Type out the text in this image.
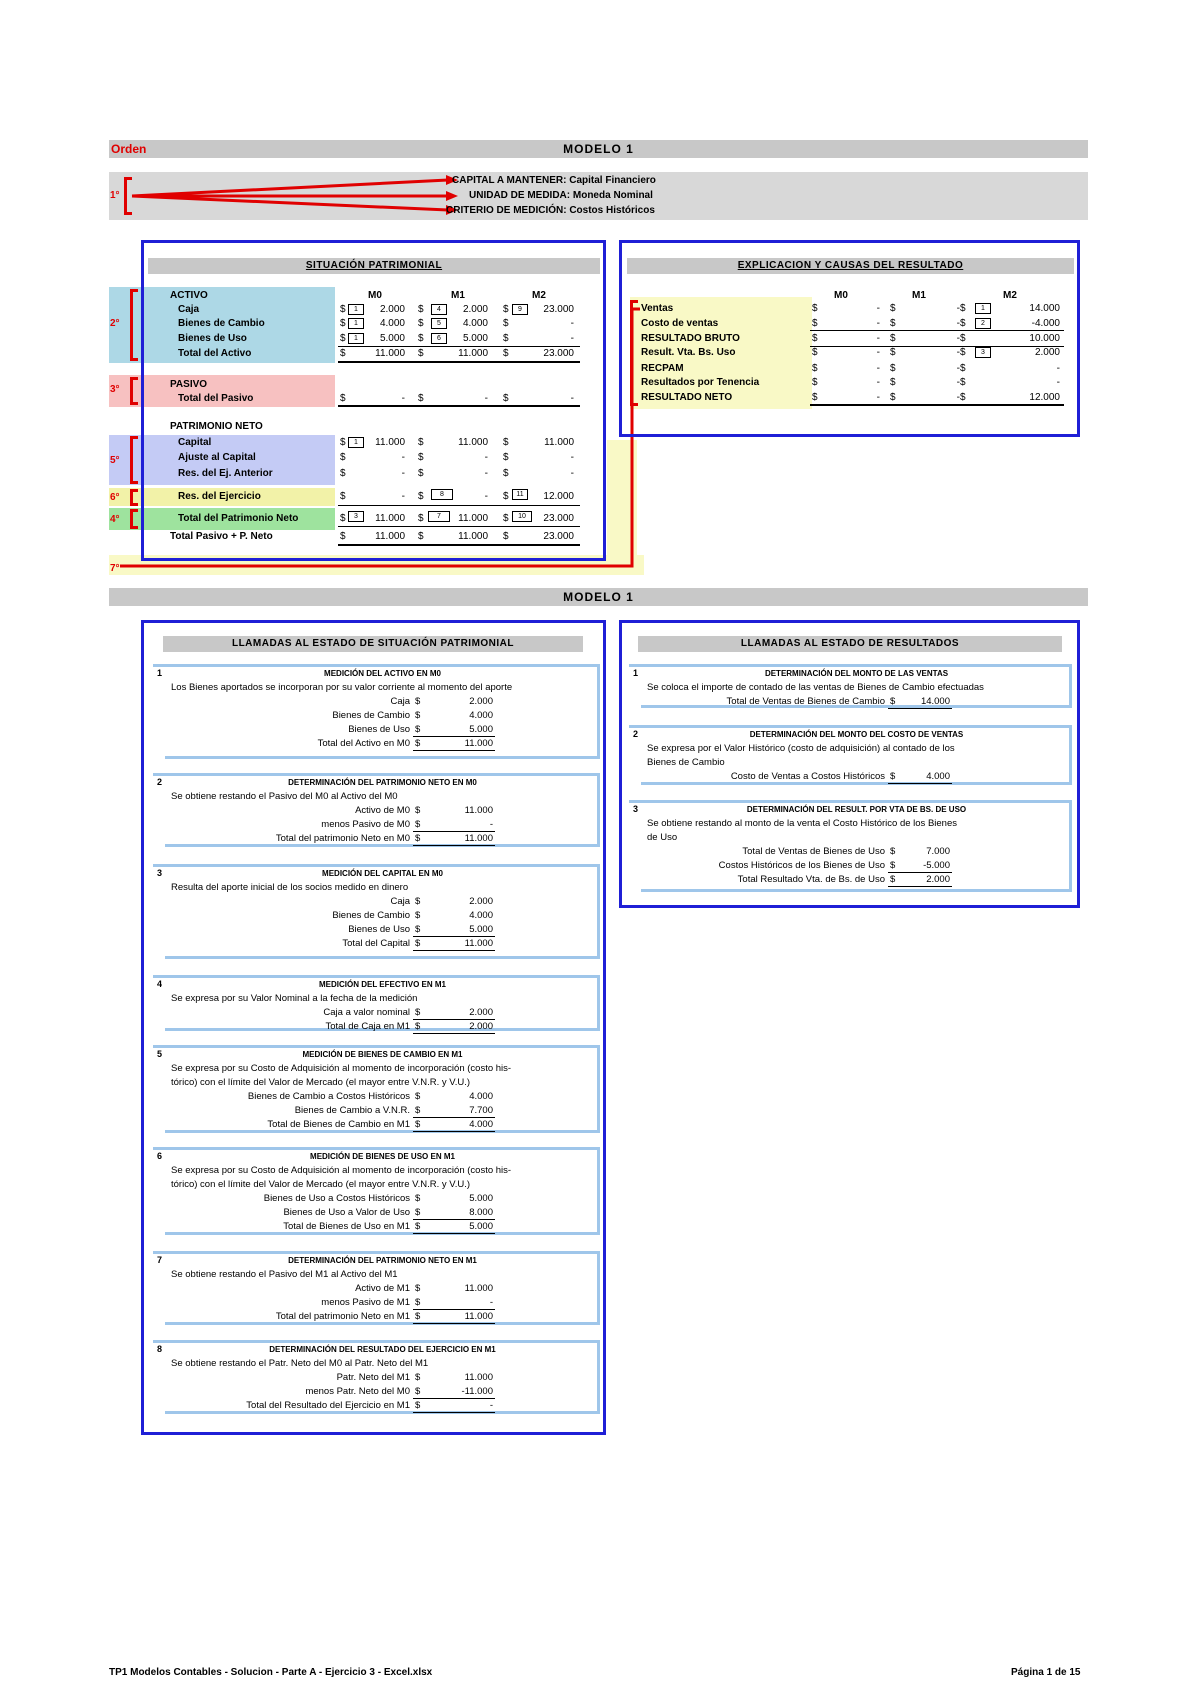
MODELO 1
Orden
1°
CAPITAL A MANTENER: Capital Financiero
UNIDAD DE MEDIDA: Moneda Nominal
CRITERIO DE MEDICIÓN: Costos Históricos
2°
3°
5°
6°
4°
7°
SITUACIÓN PATRIMONIAL
ACTIVO	M0	M1	M2
Caja	$	1	2.000 $	4	2.000 $	9	23.000
Bienes de Cambio	$	1	4.000 $	5	4.000 $	-
Bienes de Uso	$	1	5.000 $	6	5.000 $	-
Total del Activo	$	11.000 $	11.000 $	23.000
PASIVO
Total del Pasivo	$	- $	- $	-
PATRIMONIO NETO
Capital	$	1	11.000 $	11.000 $	11.000
Ajuste al Capital	$	- $	- $	-
Res. del Ej. Anterior	$	- $	- $	-
Res. del Ejercicio	$	- $	8	- $	11	12.000
Total del Patrimonio Neto	$	3	11.000 $	7	11.000 $	10	23.000
Total Pasivo + P. Neto	$	11.000 $	11.000 $	23.000
EXPLICACION Y CAUSAS DEL RESULTADO
M0	M1	M2
Ventas	$	- $	- $	14.000
1
Costo de ventas	$	- $	- $	-4.000
2
RESULTADO BRUTO	$	- $	- $	10.000
Result. Vta. Bs. Uso	$	- $	- $	2.000
3
RECPAM	$	- $	- $	-
Resultados por Tenencia	$	- $	- $	-
RESULTADO NETO	$	- $	- $	12.000
MODELO 1
LLAMADAS AL ESTADO DE SITUACIÓN PATRIMONIAL
1	MEDICIÓN DEL ACTIVO EN M0
Los Bienes aportados se incorporan por su valor corriente al momento del aporte
Caja $	2.000
Bienes de Cambio $	4.000
Bienes de Uso $	5.000
Total del Activo en M0 $	11.000
2	DETERMINACIÓN DEL PATRIMONIO NETO EN M0
Se obtiene restando el Pasivo del M0 al Activo del M0
Activo de M0 $	11.000
menos Pasivo de M0 $	-
Total del patrimonio Neto en M0 $	11.000
3	MEDICIÓN DEL CAPITAL EN M0
Resulta del aporte inicial de los socios medido en dinero
Caja $	2.000
Bienes de Cambio $	4.000
Bienes de Uso $	5.000
Total del Capital $	11.000
4	MEDICIÓN DEL EFECTIVO EN M1
Se expresa por su Valor Nominal a la fecha de la medición
Caja a valor nominal $	2.000
Total de Caja en M1 $	2.000
5	MEDICIÓN DE BIENES DE CAMBIO EN M1
Se expresa por su Costo de Adquisición al momento de incorporación (costo his-
tórico) con el límite del Valor de Mercado (el mayor entre V.N.R. y V.U.)
Bienes de Cambio a Costos Históricos $	4.000
Bienes de Cambio a V.N.R. $	7.700
Total de Bienes de Cambio en M1 $	4.000
6	MEDICIÓN DE BIENES DE USO EN M1
Se expresa por su Costo de Adquisición al momento de incorporación (costo his-
tórico) con el límite del Valor de Mercado (el mayor entre V.N.R. y V.U.)
Bienes de Uso a Costos Históricos $	5.000
Bienes de Uso a Valor de Uso $	8.000
Total de Bienes de Uso en M1 $	5.000
7	DETERMINACIÓN DEL PATRIMONIO NETO EN M1
Se obtiene restando el Pasivo del M1 al Activo del M1
Activo de M1 $	11.000
menos Pasivo de M1 $	-
Total del patrimonio Neto en M1 $	11.000
8	DETERMINACIÓN DEL RESULTADO DEL EJERCICIO EN M1
Se obtiene restando el Patr. Neto del M0 al Patr. Neto del M1
Patr. Neto del M1 $	11.000
menos Patr. Neto del M0 $	-11.000
Total del Resultado del Ejercicio en M1 $	-
LLAMADAS AL ESTADO DE RESULTADOS
1	DETERMINACIÓN DEL MONTO DE LAS VENTAS
Se coloca el importe de contado de las ventas de Bienes de Cambio efectuadas
Total de Ventas de Bienes de Cambio $	14.000
2	DETERMINACIÓN DEL MONTO DEL COSTO DE VENTAS
Se expresa por el Valor Histórico (costo de adquisición) al contado de los
Bienes de Cambio
Costo de Ventas a Costos Históricos $	4.000
3	DETERMINACIÓN DEL RESULT. POR VTA DE BS. DE USO
Se obtiene restando al monto de la venta el Costo Histórico de los Bienes
de Uso
Total de Ventas de Bienes de Uso $	7.000
Costos Históricos de los Bienes de Uso $	-5.000
Total Resultado Vta. de Bs. de Uso $	2.000
TP1 Modelos Contables - Solucion - Parte A - Ejercicio 3 - Excel.xlsx	Página 1 de 15
